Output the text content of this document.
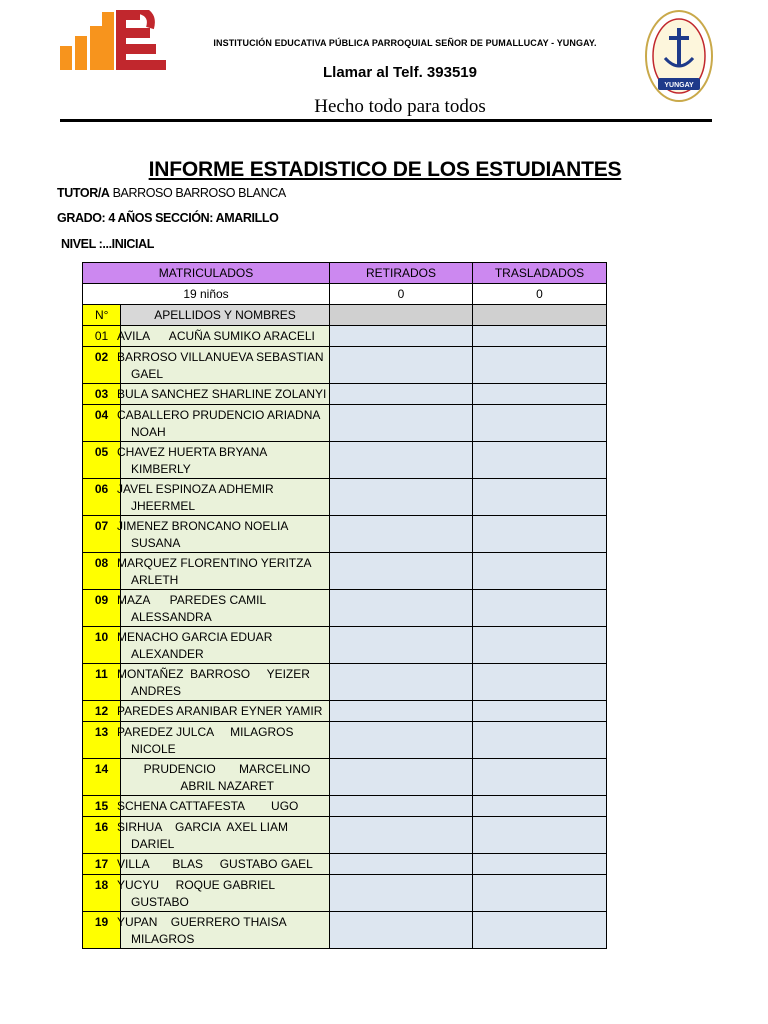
YUNGAY
INSTITUCIÓN EDUCATIVA PÚBLICA PARROQUIAL SEÑOR DE PUMALLUCAY - YUNGAY.
Llamar al Telf. 393519
Hecho todo para todos
INFORME ESTADISTICO DE LOS ESTUDIANTES
TUTOR/A BARROSO BARROSO BLANCA
GRADO: 4 AÑOS SECCIÓN: AMARILLO
NIVEL :...INICIAL
MATRICULADOS		RETIRADOS	TRASLADADOS
19 niños		0	0
N°	APELLIDOS Y NOMBRES		

01	AVILA      ACUÑA SUMIKO ARACELI		

02	BARROSO VILLANUEVA SEBASTIAN
GAEL		

03	BULA SANCHEZ SHARLINE ZOLANYI		

04	CABALLERO PRUDENCIO ARIADNA
NOAH		

05	CHAVEZ HUERTA BRYANA
KIMBERLY		

06	JAVEL ESPINOZA ADHEMIR
JHEERMEL		

07	JIMENEZ BRONCANO NOELIA
SUSANA		

08	MARQUEZ FLORENTINO YERITZA
ARLETH		

09	MAZA      PAREDES CAMIL
ALESSANDRA		

10	MENACHO GARCIA EDUAR
ALEXANDER		

11	MONTAÑEZ  BARROSO     YEIZER
ANDRES		

12	PAREDES ARANIBAR EYNER YAMIR		

13	PAREDEZ JULCA     MILAGROS
NICOLE		

14	PRUDENCIO       MARCELINO
ABRIL NAZARET		

15	SCHENA CATTAFESTA        UGO		

16	SIRHUA    GARCIA  AXEL LIAM
DARIEL		

17	VILLA       BLAS     GUSTABO GAEL		

18	YUCYU     ROQUE GABRIEL
GUSTABO		

19	YUPAN    GUERRERO THAISA
MILAGROS		
